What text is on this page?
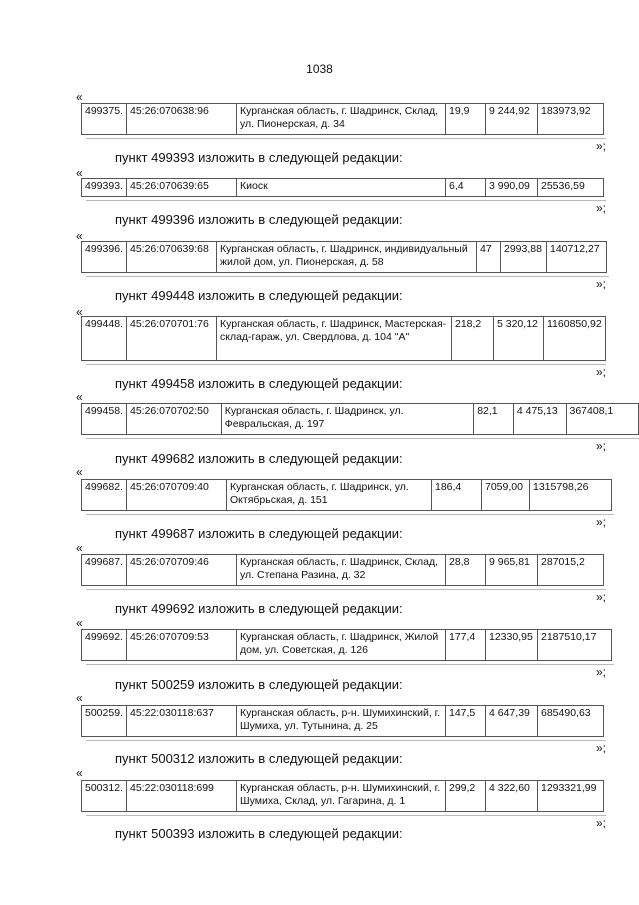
1038
«
499375.	45:26:070638:96	Курганская область, г. Шадринск, Склад, ул. Пионерская, д. 34	19,9	9 244,92	183973,92
»;
пункт 499393 изложить в следующей редакции:
«
499393.	45:26:070639:65	Киоск	6,4	3 990,09	25536,59
»;
пункт 499396 изложить в следующей редакции:
«
499396.	45:26:070639:68	Курганская область, г. Шадринск, индивидуальный жилой дом, ул. Пионерская, д. 58	47	2993,88	140712,27
»;
пункт 499448 изложить в следующей редакции:
«
499448.	45:26:070701:76	Курганская область, г. Шадринск, Мастерская-склад-гараж, ул. Свердлова, д. 104 "А"	218,2	5 320,12	1160850,92
»;
пункт 499458 изложить в следующей редакции:
«
499458.	45:26:070702:50	Курганская область, г. Шадринск, ул. Февральская, д. 197	82,1	4 475,13	367408,1
»;
пункт 499682 изложить в следующей редакции:
«
499682.	45:26:070709:40	Курганская область, г. Шадринск, ул. Октябрьская, д. 151	186,4	7059,00	1315798,26
»;
пункт 499687 изложить в следующей редакции:
«
499687.	45:26:070709:46	Курганская область, г. Шадринск, Склад, ул. Степана Разина, д. 32	28,8	9 965,81	287015,2
»;
пункт 499692 изложить в следующей редакции:
«
499692.	45:26:070709:53	Курганская область, г. Шадринск, Жилой дом, ул. Советская, д. 126	177,4	12330,95	2187510,17
»;
пункт 500259 изложить в следующей редакции:
«
500259.	45:22:030118:637	Курганская область, р-н. Шумихинский, г. Шумиха, ул. Тутынина, д. 25	147,5	4 647,39	685490,63
»;
пункт 500312 изложить в следующей редакции:
«
500312.	45:22:030118:699	Курганская область, р-н. Шумихинский, г. Шумиха, Склад, ул. Гагарина, д. 1	299,2	4 322,60	1293321,99
»;
пункт 500393 изложить в следующей редакции:
